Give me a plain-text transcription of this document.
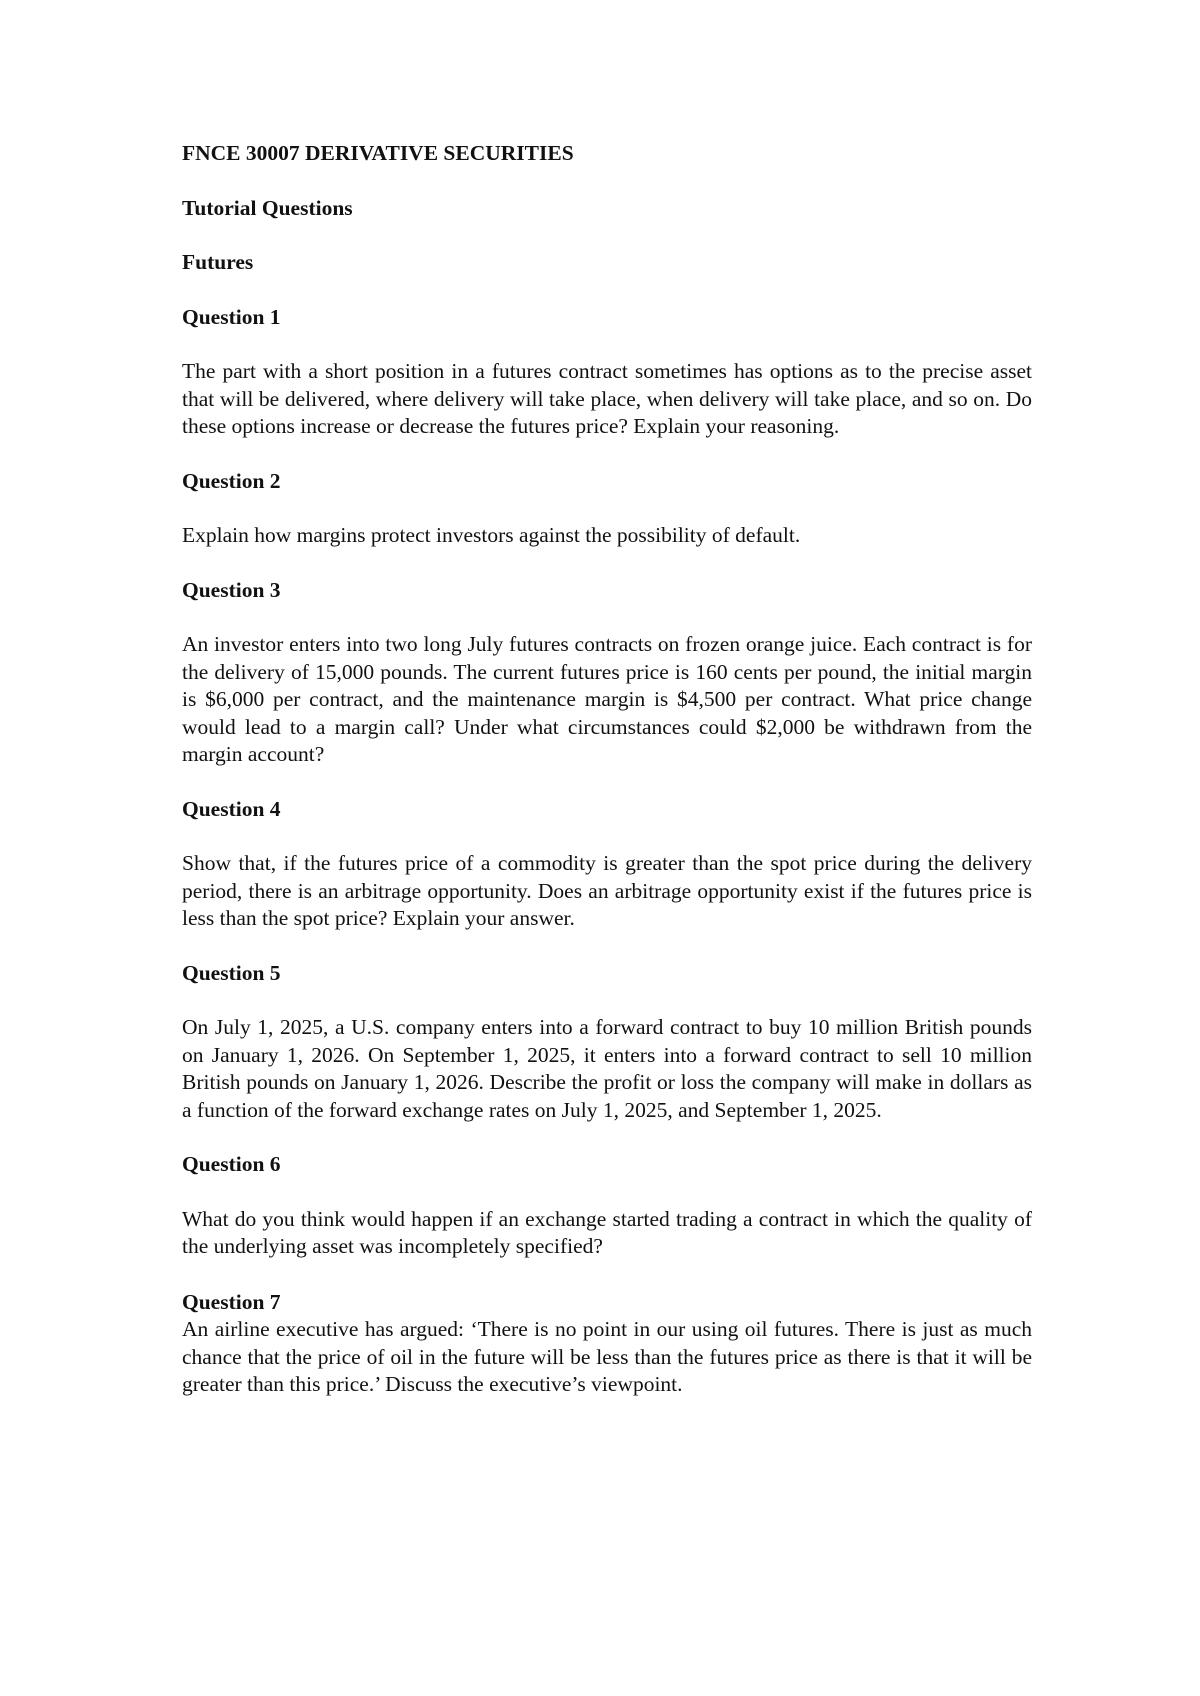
FNCE 30007 DERIVATIVE SECURITIES

Tutorial Questions

Futures

Question 1

The part with a short position in a futures contract sometimes has options as to the precise asset that will be delivered, where delivery will take place, when delivery will take place, and so on. Do these options increase or decrease the futures price? Explain your reasoning.

Question 2

Explain how margins protect investors against the possibility of default.

Question 3

An investor enters into two long July futures contracts on frozen orange juice. Each contract is for the delivery of 15,000 pounds. The current futures price is 160 cents per pound, the initial margin is $6,000 per contract, and the maintenance margin is $4,500 per contract. What price change would lead to a margin call? Under what circumstances could $2,000 be withdrawn from the margin account?

Question 4

Show that, if the futures price of a commodity is greater than the spot price during the delivery period, there is an arbitrage opportunity. Does an arbitrage opportunity exist if the futures price is less than the spot price? Explain your answer.

Question 5

On July 1, 2025, a U.S. company enters into a forward contract to buy 10 million British pounds on January 1, 2026. On September 1, 2025, it enters into a forward contract to sell 10 million British pounds on January 1, 2026. Describe the profit or loss the company will make in dollars as a function of the forward exchange rates on July 1, 2025, and September 1, 2025.

Question 6

What do you think would happen if an exchange started trading a contract in which the quality of the underlying asset was incompletely specified?

Question 7

An airline executive has argued: ‘There is no point in our using oil futures. There is just as much chance that the price of oil in the future will be less than the futures price as there is that it will be greater than this price.’ Discuss the executive’s viewpoint.
